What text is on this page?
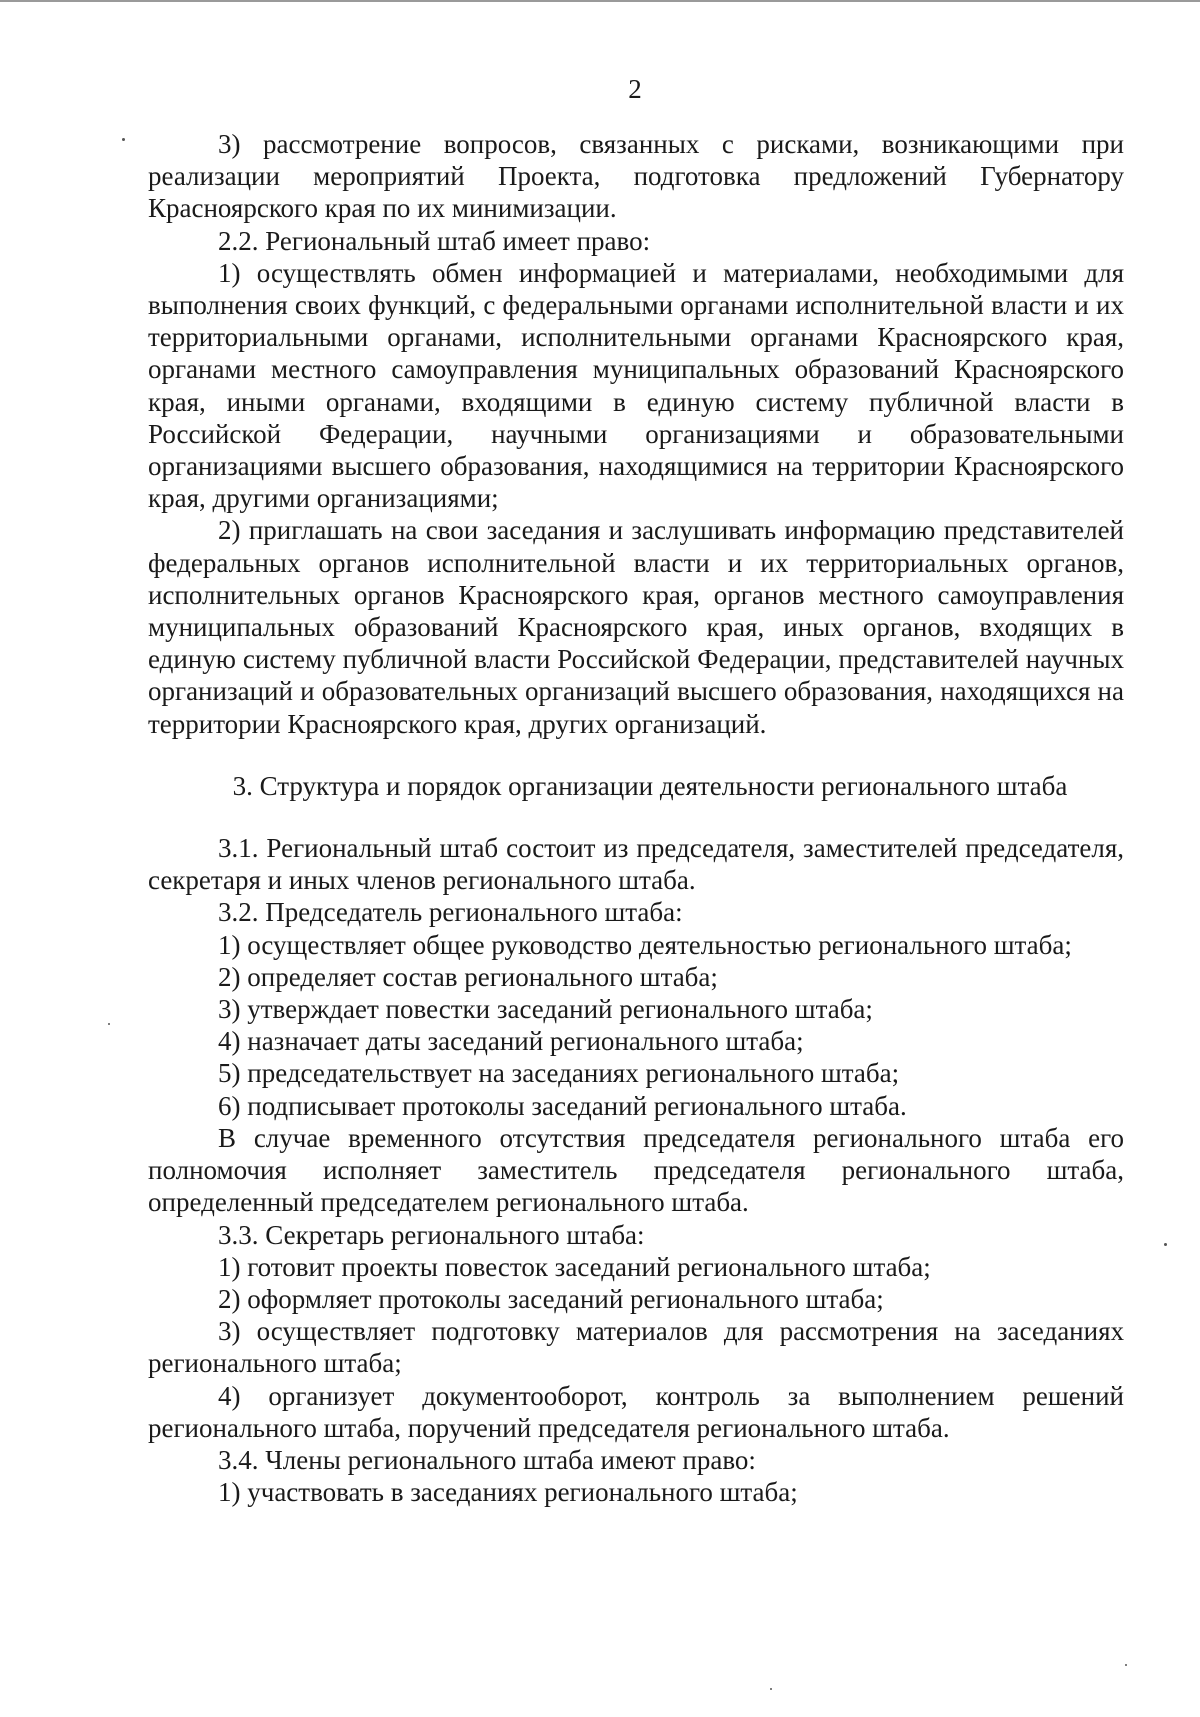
2

3) рассмотрение вопросов, связанных с рисками, возникающими при реализации мероприятий Проекта, подготовка предложений Губернатору Красноярского края по их минимизации.

2.2. Региональный штаб имеет право:

1) осуществлять обмен информацией и материалами, необходимыми для выполнения своих функций, с федеральными органами исполнительной власти и их территориальными органами, исполнительными органами Красноярского края, органами местного самоуправления муниципальных образований Красноярского края, иными органами, входящими в единую систему публичной власти в Российской Федерации, научными организациями и образовательными организациями высшего образования, находящимися на территории Красноярского края, другими организациями;

2) приглашать на свои заседания и заслушивать информацию представителей федеральных органов исполнительной власти и их территориальных органов, исполнительных органов Красноярского края, органов местного самоуправления муниципальных образований Красноярского края, иных органов, входящих в единую систему публичной власти Российской Федерации, представителей научных организаций и образовательных организаций высшего образования, находящихся на территории Красноярского края, других организаций.

3. Структура и порядок организации деятельности регионального штаба

3.1. Региональный штаб состоит из председателя, заместителей председателя, секретаря и иных членов регионального штаба.

3.2. Председатель регионального штаба:

1) осуществляет общее руководство деятельностью регионального штаба;

2) определяет состав регионального штаба;

3) утверждает повестки заседаний регионального штаба;

4) назначает даты заседаний регионального штаба;

5) председательствует на заседаниях регионального штаба;

6) подписывает протоколы заседаний регионального штаба.

В случае временного отсутствия председателя регионального штаба его полномочия исполняет заместитель председателя регионального штаба, определенный председателем регионального штаба.

3.3. Секретарь регионального штаба:

1) готовит проекты повесток заседаний регионального штаба;

2) оформляет протоколы заседаний регионального штаба;

3) осуществляет подготовку материалов для рассмотрения на заседаниях регионального штаба;

4) организует документооборот, контроль за выполнением решений регионального штаба, поручений председателя регионального штаба.

3.4. Члены регионального штаба имеют право:

1) участвовать в заседаниях регионального штаба;
